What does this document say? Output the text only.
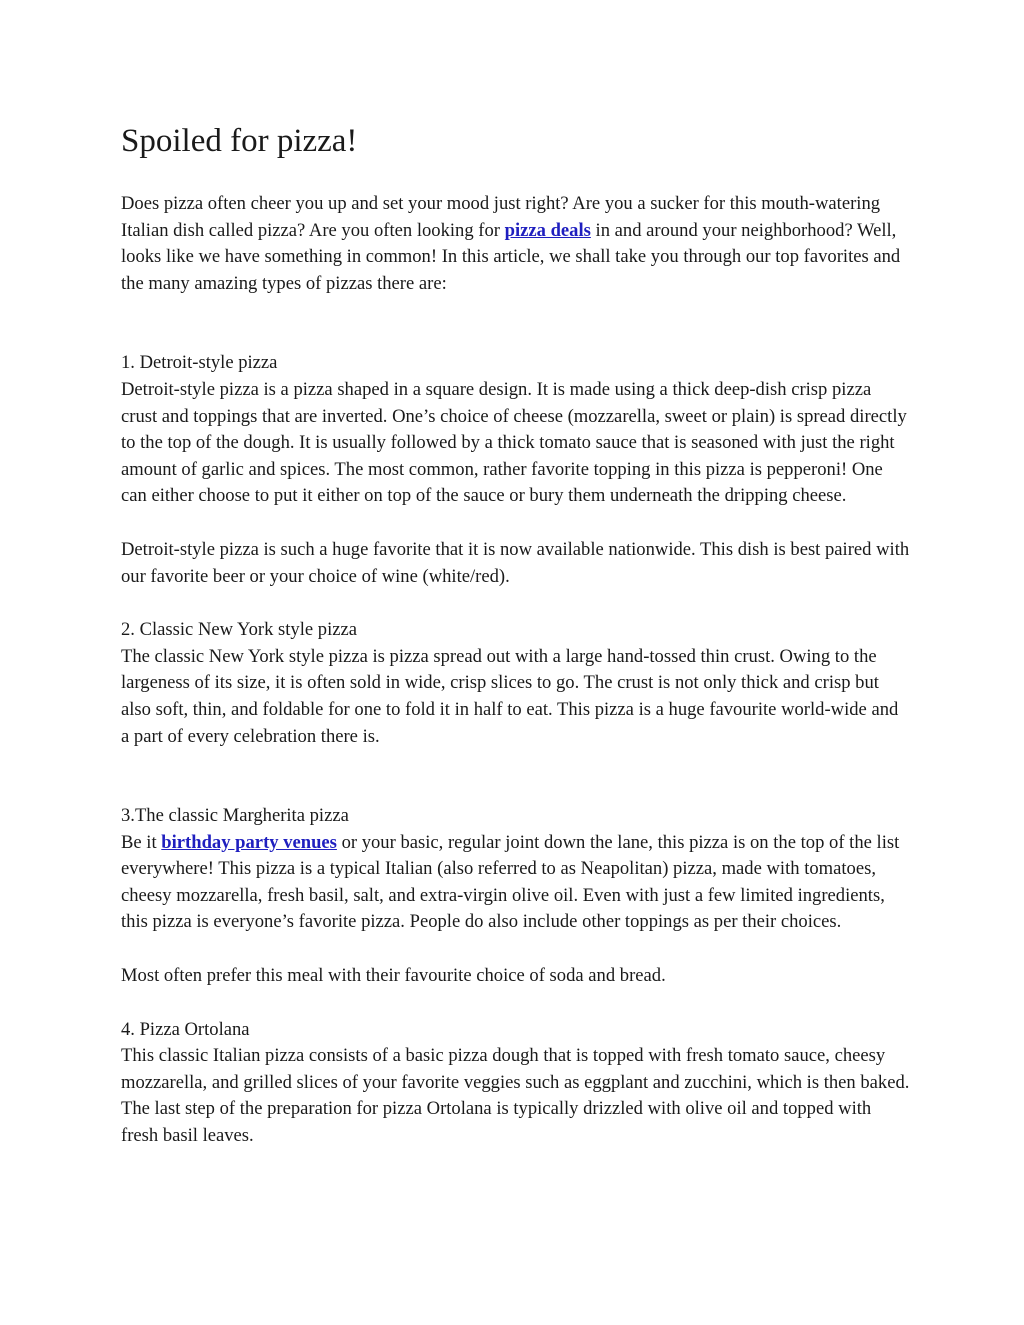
Spoiled for pizza!

Does pizza often cheer you up and set your mood just right? Are you a sucker for this mouth-watering Italian dish called pizza? Are you often looking for pizza deals in and around your neighborhood? Well, looks like we have something in common! In this article, we shall take you through our top favorites and the many amazing types of pizzas there are:

1. Detroit-style pizza

Detroit-style pizza is a pizza shaped in a square design. It is made using a thick deep-dish crisp pizza crust and toppings that are inverted. One’s choice of cheese (mozzarella, sweet or plain) is spread directly to the top of the dough. It is usually followed by a thick tomato sauce that is seasoned with just the right amount of garlic and spices. The most common, rather favorite topping in this pizza is pepperoni! One can either choose to put it either on top of the sauce or bury them underneath the dripping cheese.

Detroit-style pizza is such a huge favorite that it is now available nationwide. This dish is best paired with our favorite beer or your choice of wine (white/red).

2. Classic New York style pizza

The classic New York style pizza is pizza spread out with a large hand-tossed thin crust. Owing to the largeness of its size, it is often sold in wide, crisp slices to go. The crust is not only thick and crisp but also soft, thin, and foldable for one to fold it in half to eat. This pizza is a huge favourite world-wide and a part of every celebration there is.

3.The classic Margherita pizza

Be it birthday party venues or your basic, regular joint down the lane, this pizza is on the top of the list everywhere! This pizza is a typical Italian (also referred to as Neapolitan) pizza, made with tomatoes, cheesy mozzarella, fresh basil, salt, and extra-virgin olive oil. Even with just a few limited ingredients, this pizza is everyone’s favorite pizza. People do also include other toppings as per their choices.

Most often prefer this meal with their favourite choice of soda and bread.

4. Pizza Ortolana

This classic Italian pizza consists of a basic pizza dough that is topped with fresh tomato sauce, cheesy mozzarella, and grilled slices of your favorite veggies such as eggplant and zucchini, which is then baked. The last step of the preparation for pizza Ortolana is typically drizzled with olive oil and topped with fresh basil leaves.
